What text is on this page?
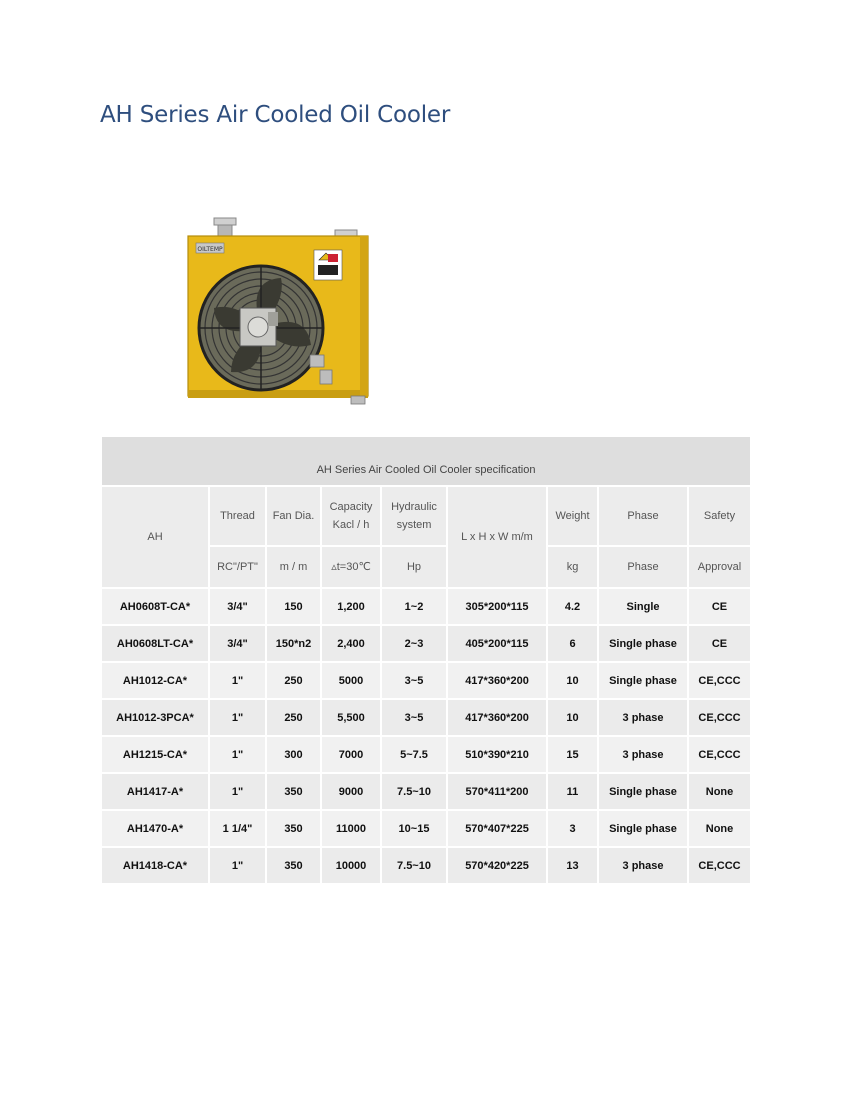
AH Series Air Cooled Oil Cooler
OILTEMP
AH Series Air Cooled Oil Cooler specification								
AH	Thread	Fan Dia.	Capacity Kacl / h	Hydraulic system	L x H x W m/m	Weight	Phase	Safety
	RC"/PT"	m / m	▵t=30℃	Hp		kg	Phase	Approval
AH0608T-CA*	3/4"	150	1,200	1~2	305*200*115	4.2	Single	CE
AH0608LT-CA*	3/4"	150*n2	2,400	2~3	405*200*115	6	Single phase	CE
AH1012-CA*	1"	250	5000	3~5	417*360*200	10	Single phase	CE,CCC
AH1012-3PCA*	1"	250	5,500	3~5	417*360*200	10	3 phase	CE,CCC
AH1215-CA*	1"	300	7000	5~7.5	510*390*210	15	3 phase	CE,CCC
AH1417-A*	1"	350	9000	7.5~10	570*411*200	11	Single phase	None
AH1470-A*	1 1/4"	350	11000	10~15	570*407*225	3	Single phase	None
AH1418-CA*	1"	350	10000	7.5~10	570*420*225	13	3 phase	CE,CCC
